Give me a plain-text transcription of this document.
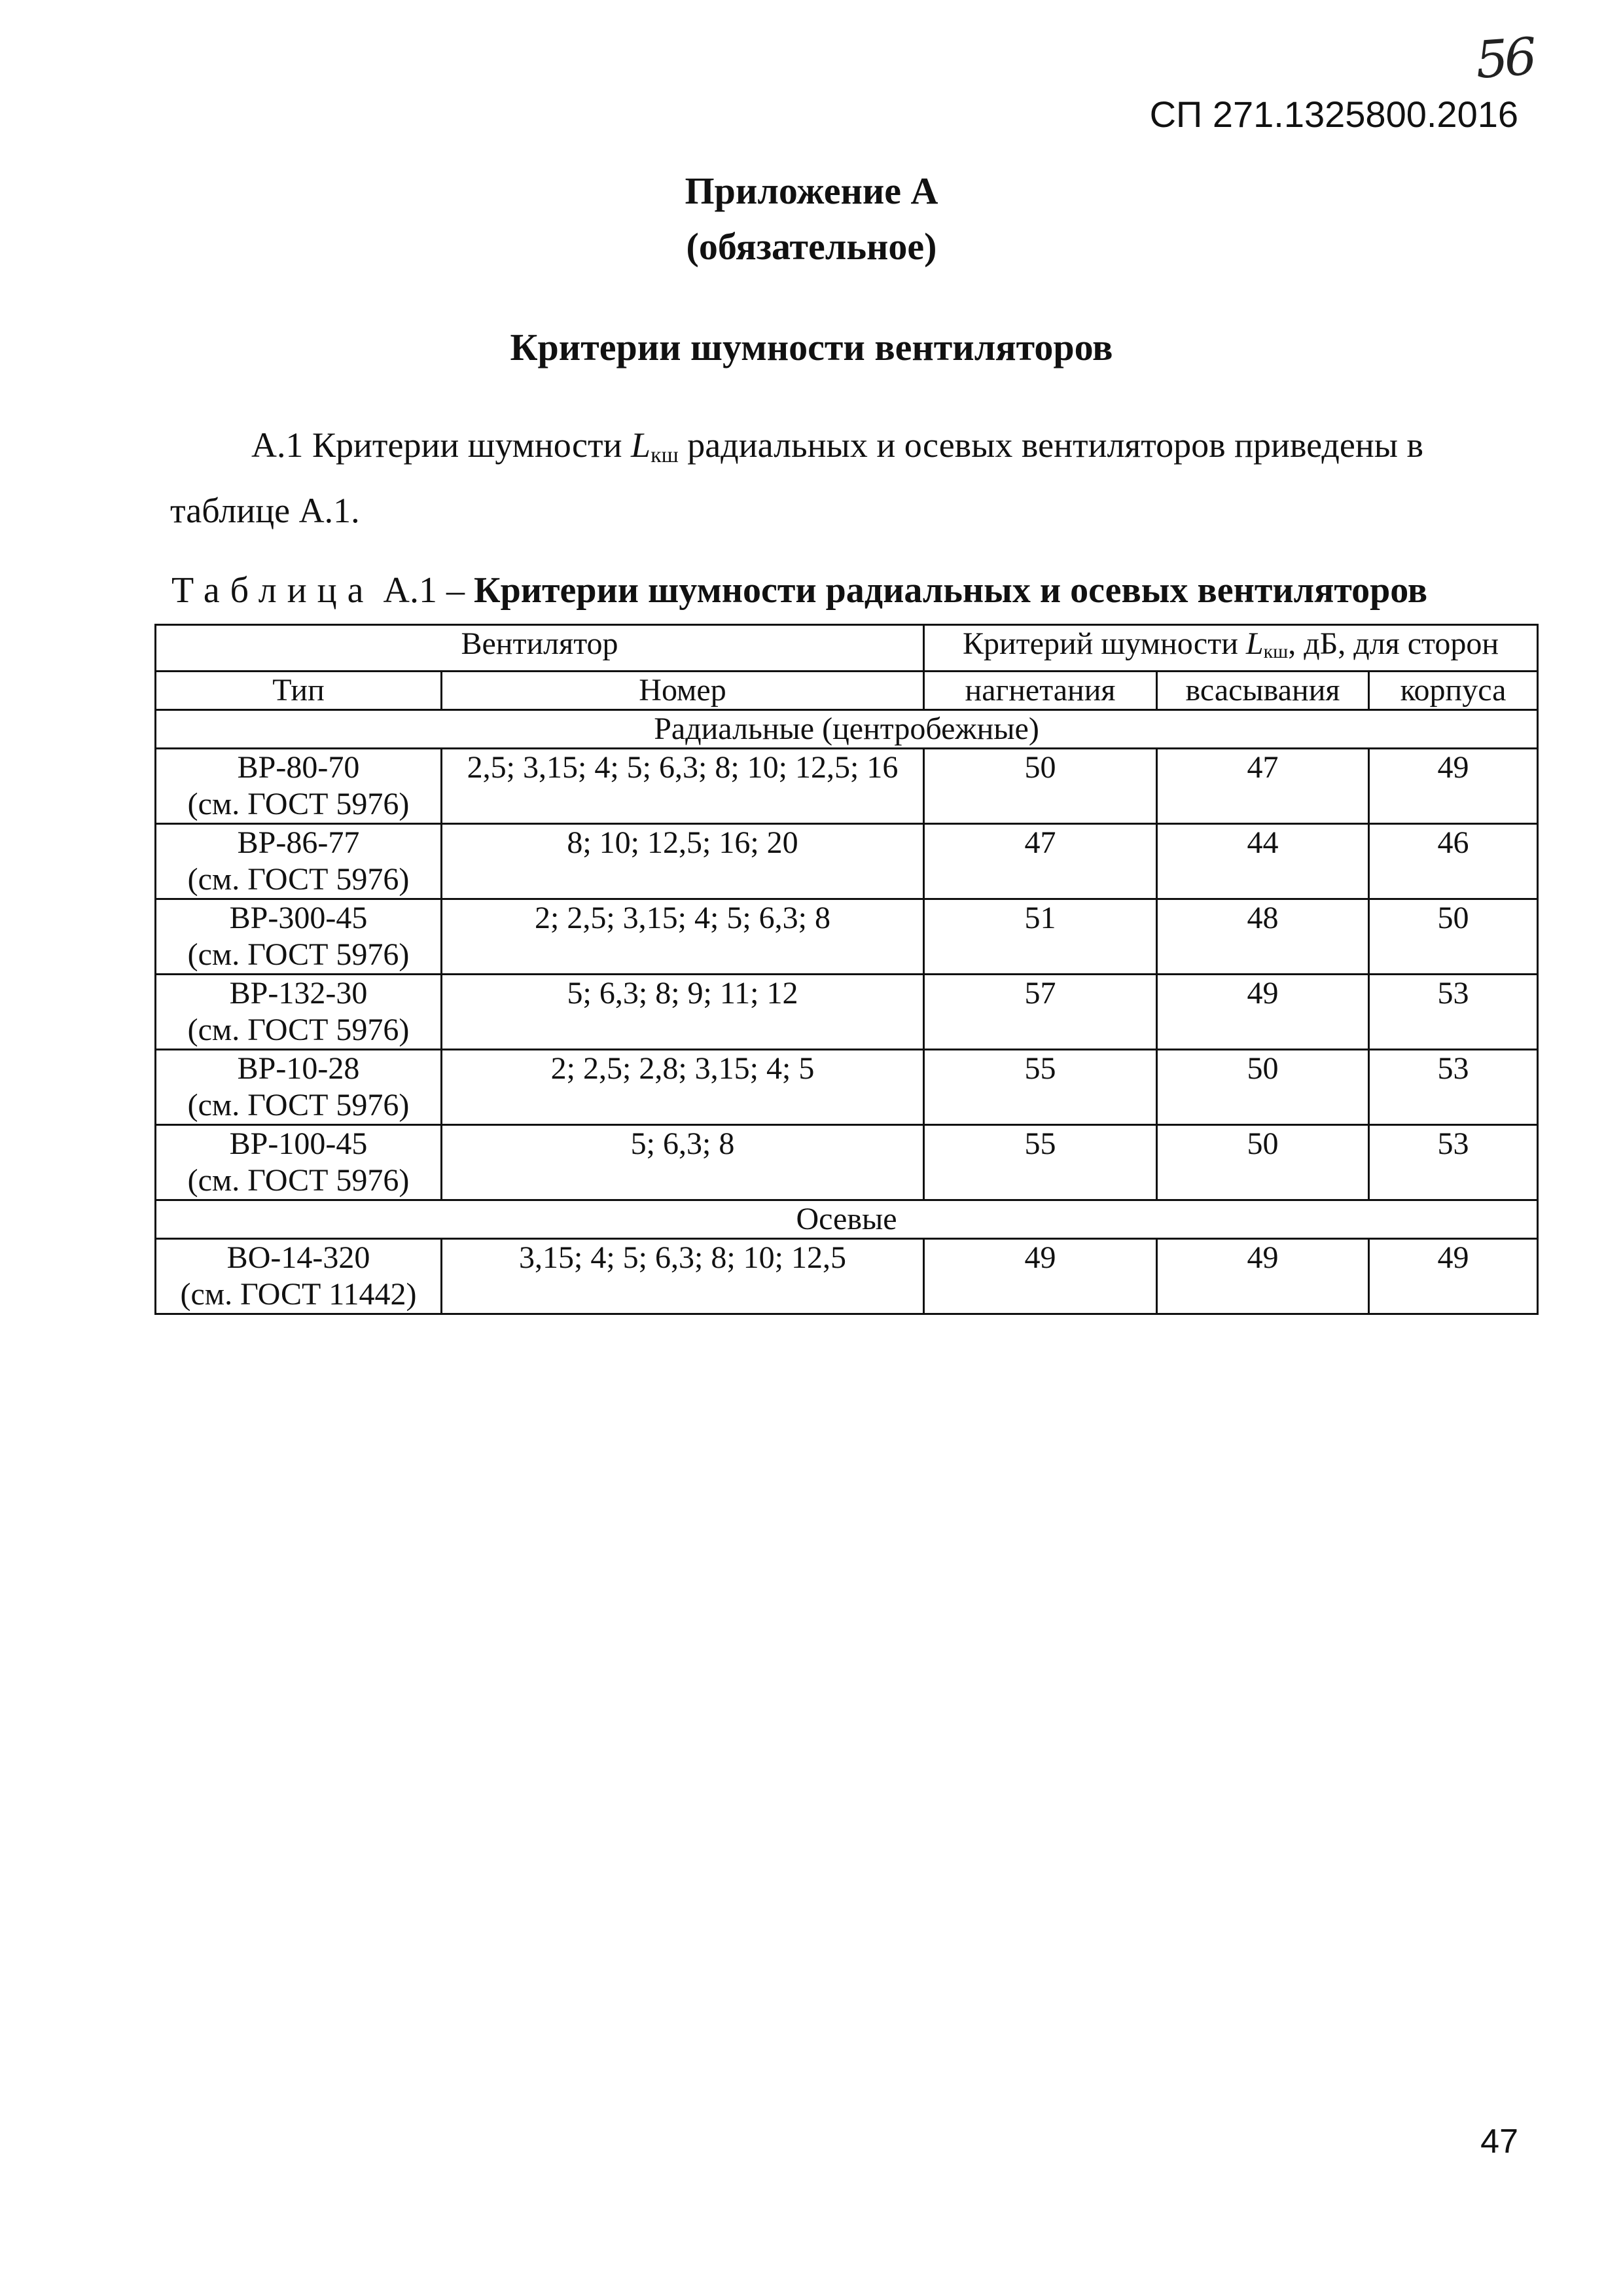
56
СП 271.1325800.2016
Приложение А
(обязательное)
Критерии шумности вентиляторов
А.1 Критерии шумности $L_{кш}$ радиальных и осевых вентиляторов приведены в таблице А.1.
Таблица А.1 – Критерии шумности радиальных и осевых вентиляторов
Вентилятор		Критерий шумности $L_{кш}$, дБ, для сторон		
Тип	Номер	нагнетания	всасывания	корпуса
Радиальные (центробежные)				

ВР-80-70
(см. ГОСТ 5976)	2,5; 3,15; 4; 5; 6,3; 8; 10; 12,5; 16	50	47	49

ВР-86-77
(см. ГОСТ 5976)	8; 10; 12,5; 16; 20	47	44	46

ВР-300-45
(см. ГОСТ 5976)	2; 2,5; 3,15; 4; 5; 6,3; 8	51	48	50

ВР-132-30
(см. ГОСТ 5976)	5; 6,3; 8; 9; 11; 12	57	49	53

ВР-10-28
(см. ГОСТ 5976)	2; 2,5; 2,8; 3,15; 4; 5	55	50	53

ВР-100-45
(см. ГОСТ 5976)	5; 6,3; 8	55	50	53
Осевые				

ВО-14-320
(см. ГОСТ 11442)	3,15; 4; 5; 6,3; 8; 10; 12,5	49	49	49
47
